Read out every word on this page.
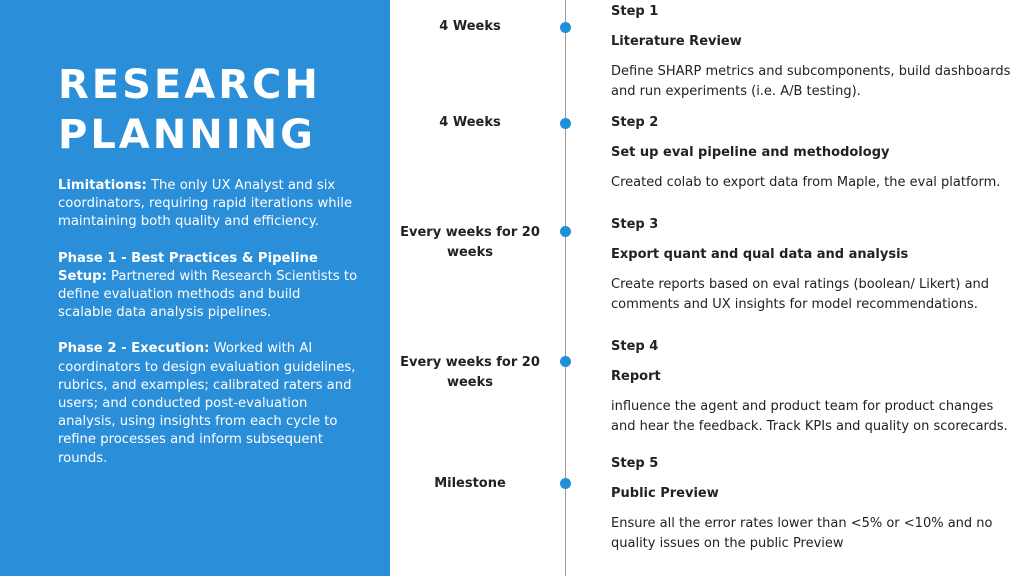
RESEARCH
PLANNING

Limitations: The only UX Analyst and six coordinators, requiring rapid iterations while maintaining both quality and efficiency.

Phase 1 - Best Practices & Pipeline Setup: Partnered with Research Scientists to define evaluation methods and build scalable data analysis pipelines.

Phase 2 - Execution: Worked with AI coordinators to design evaluation guidelines, rubrics, and examples; calibrated raters and users; and conducted post-evaluation analysis, using insights from each cycle to refine processes and inform subsequent rounds.

4 Weeks
Step 1
Literature Review
Define SHARP metrics and subcomponents, build dashboards and run experiments (i.e. A/B testing).
4 Weeks	Step 2
Set up eval pipeline and methodology
Created colab to export data from Maple, the eval platform.
Every weeks for 20 weeks
Step 3
Export quant and qual data and analysis
Create reports based on eval ratings (boolean/ Likert) and comments and UX insights for model recommendations.
Every weeks for 20 weeks
Step 4
Report
influence the agent and product team for product changes and hear the feedback. Track KPIs and quality on scorecards.
Milestone
Step 5
Public Preview
Ensure all the error rates lower than <5% or <10% and no quality issues on the public Preview
